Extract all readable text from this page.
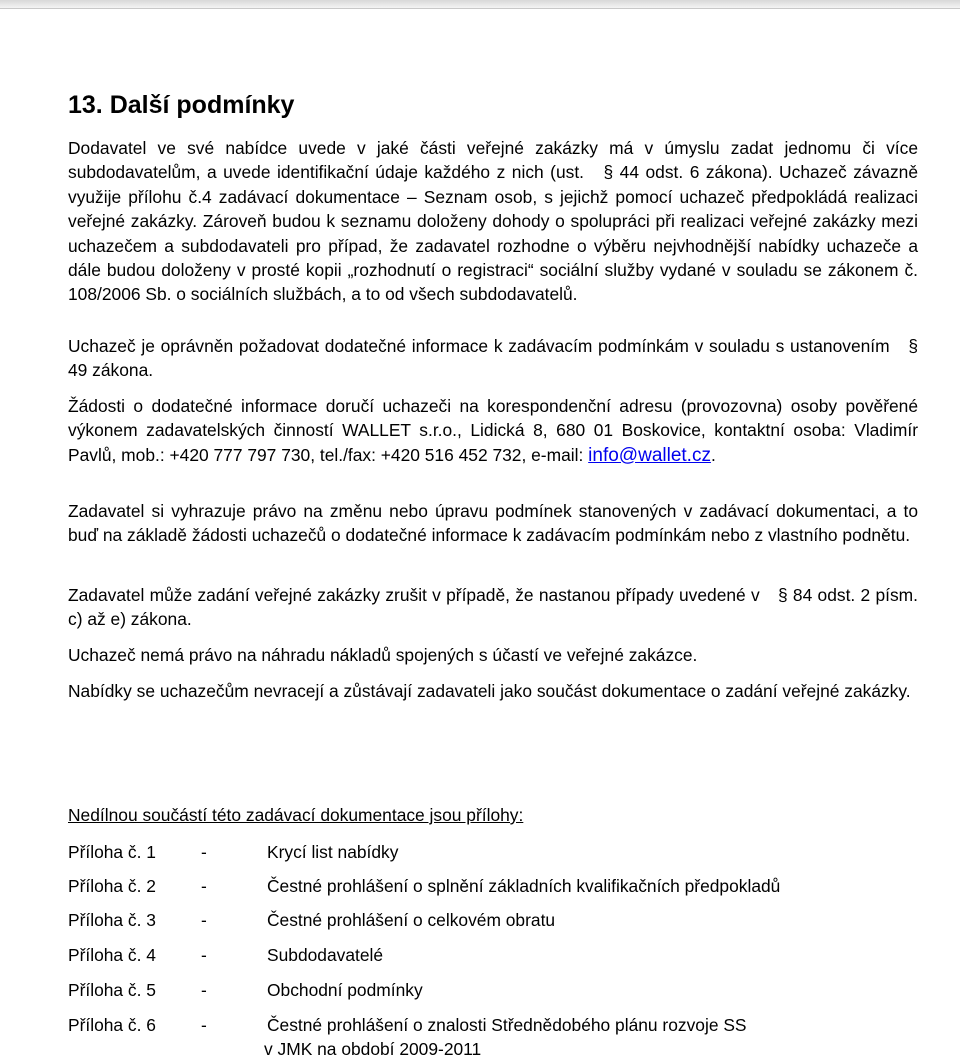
13. Další podmínky

Dodavatel ve své nabídce uvede v jaké části veřejné zakázky má v úmyslu zadat jednomu či více subdodavatelům, a uvede identifikační údaje každého z nich (ust. § 44 odst. 6 zákona). Uchazeč závazně využije přílohu č.4 zadávací dokumentace – Seznam osob, s jejichž pomocí uchazeč předpokládá realizaci veřejné zakázky. Zároveň budou k seznamu doloženy dohody o spolupráci při realizaci veřejné zakázky mezi uchazečem a subdodavateli pro případ, že zadavatel rozhodne o výběru nejvhodnější nabídky uchazeče a dále budou doloženy v prosté kopii „rozhodnutí o registraci“ sociální služby vydané v souladu se zákonem č. 108/2006 Sb. o sociálních službách, a to od všech subdodavatelů.

Uchazeč je oprávněn požadovat dodatečné informace k zadávacím podmínkám v souladu s ustanovením § 49 zákona.

Žádosti o dodatečné informace doručí uchazeči na korespondenční adresu (provozovna) osoby pověřené výkonem zadavatelských činností WALLET s.r.o., Lidická 8, 680 01 Boskovice, kontaktní osoba: Vladimír Pavlů, mob.: +420 777 797 730, tel./fax: +420 516 452 732, e-mail: info@wallet.cz.

Zadavatel si vyhrazuje právo na změnu nebo úpravu podmínek stanovených v zadávací dokumentaci, a to buď na základě žádosti uchazečů o dodatečné informace k zadávacím podmínkám nebo z vlastního podnětu.

Zadavatel může zadání veřejné zakázky zrušit v případě, že nastanou případy uvedené v § 84 odst. 2 písm. c) až e) zákona.

Uchazeč nemá právo na náhradu nákladů spojených s účastí ve veřejné zakázce.

Nabídky se uchazečům nevracejí a zůstávají zadavateli jako součást dokumentace o zadání veřejné zakázky.

Nedílnou součástí této zadávací dokumentace jsou přílohy:
Příloha č. 1	-	Krycí list nabídky
Příloha č. 2	-	Čestné prohlášení o splnění základních kvalifikačních předpokladů
Příloha č. 3	-	Čestné prohlášení o celkovém obratu
Příloha č. 4	-	Subdodavatelé
Příloha č. 5	-	Obchodní podmínky
Příloha č. 6	-	Čestné prohlášení o znalosti Střednědobého plánu rozvoje SS
v JMK na období 2009-2011
